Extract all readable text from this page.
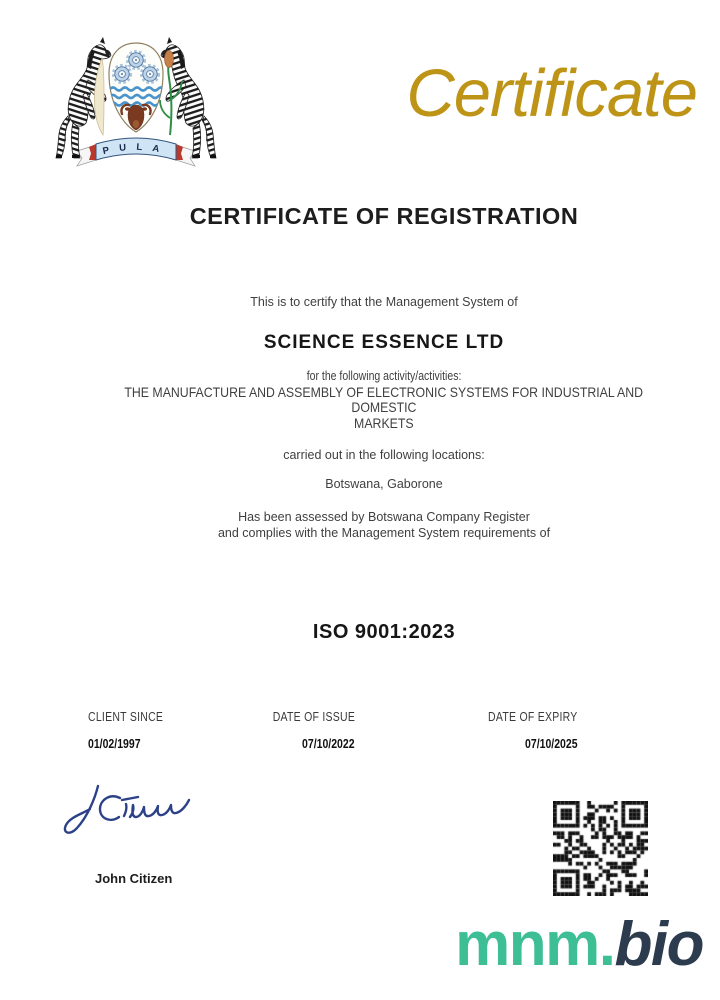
PULA
Certificate
CERTIFICATE OF REGISTRATION
This is to certify that the Management System of
SCIENCE ESSENCE LTD
for the following activity/activities:
THE MANUFACTURE AND ASSEMBLY OF ELECTRONIC SYSTEMS FOR INDUSTRIAL AND
DOMESTIC
MARKETS
carried out in the following locations:
Botswana, Gaborone
Has been assessed by Botswana Company Register
and complies with the Management System requirements of
ISO 9001:2023
CLIENT SINCE
01/02/1997
DATE OF ISSUE
07/10/2022
DATE OF EXPIRY
07/10/2025
John Citizen
mnm.bio
